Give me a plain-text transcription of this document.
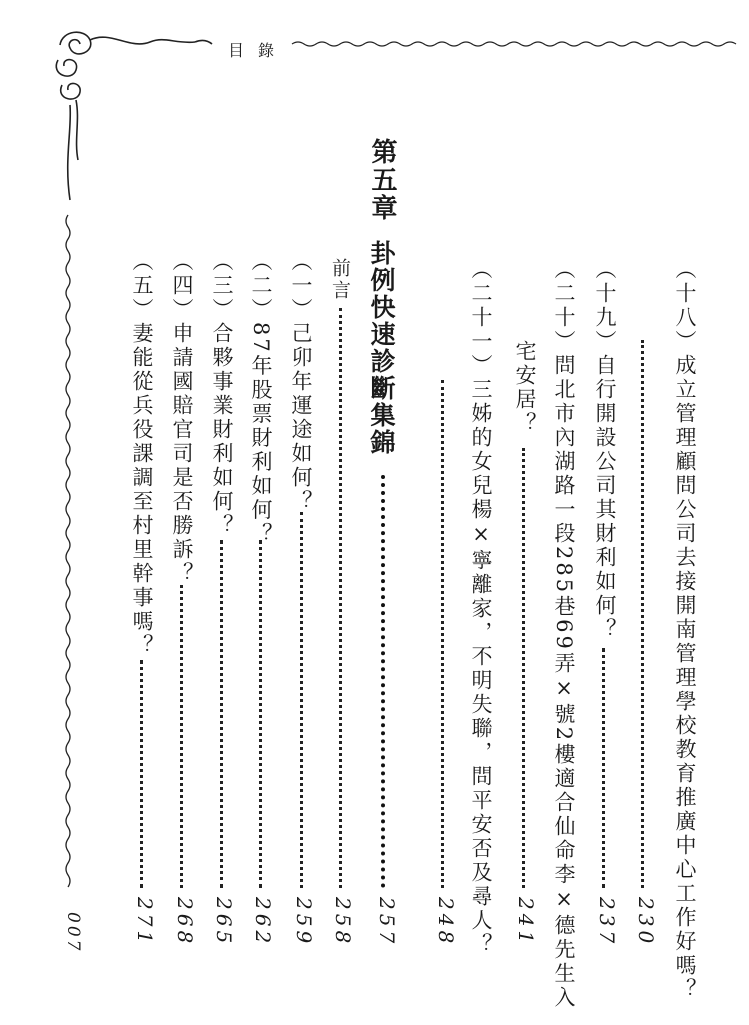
目錄
（十八）成立管理顧問公司去接開南管理學校教育推廣中心工作好嗎？
230
（十九）自行開設公司其財利如何？
237
（二十）問北市內湖路一段285巷69弄×號2樓適合仙命李×德先生入
宅安居？
241
（二十一）三姊的女兒楊×寧離家，不明失聯，問平安否及尋人？
248
第五章
卦例快速診斷集錦
257
前言
258
（一）己卯年運途如何？
259
（二）87年股票財利如何？
262
（三）合夥事業財利如何？
265
（四）申請國賠官司是否勝訴？
268
（五）妻能從兵役課調至村里幹事嗎？
271
007
